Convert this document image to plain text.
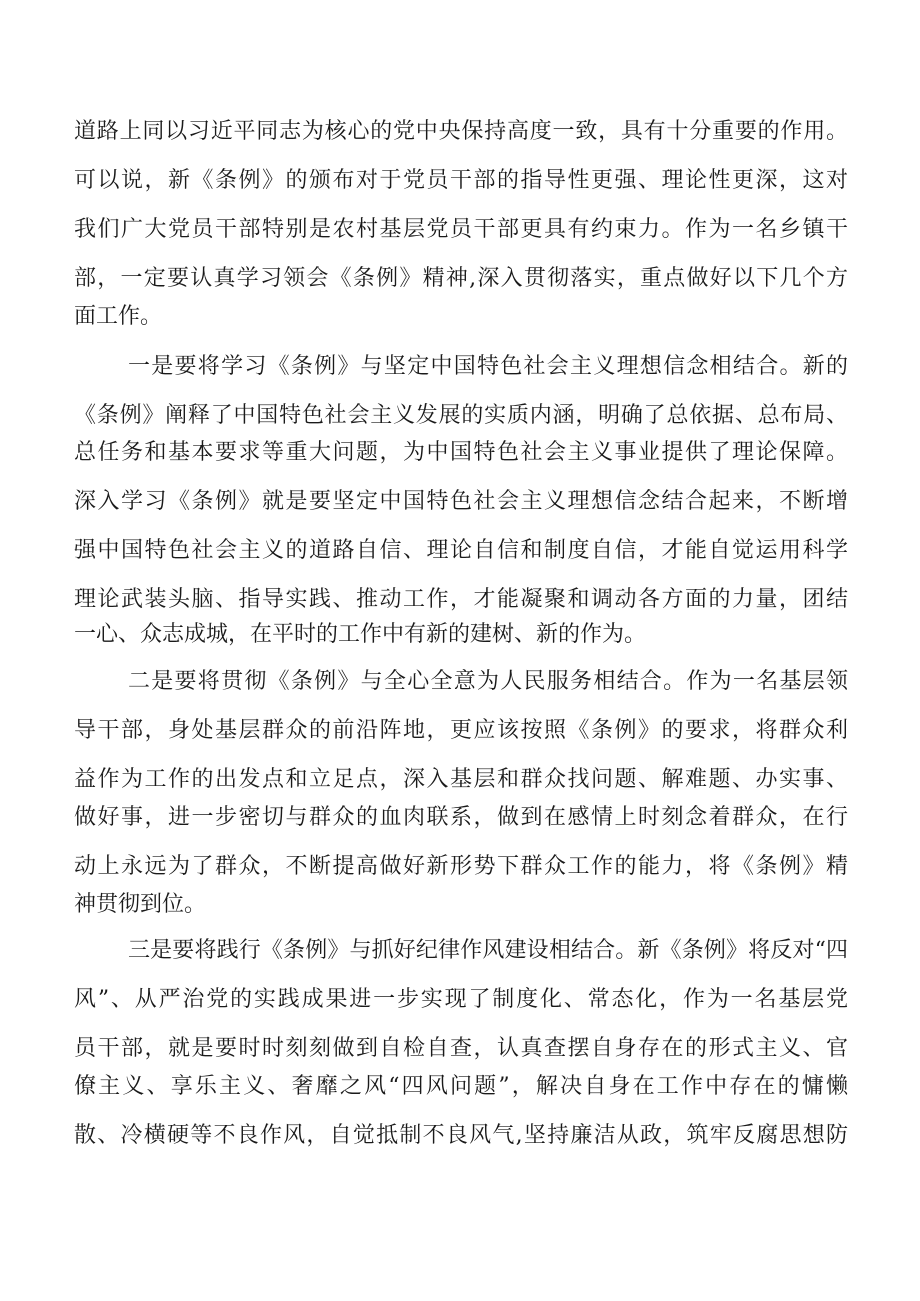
道路上同以习近平同志为核心的党中央保持高度一致，具有十分重要的作用。
可以说，新《条例》的颁布对于党员干部的指导性更强、理论性更深，这对
我们广大党员干部特别是农村基层党员干部更具有约束力。作为一名乡镇干
部，一定要认真学习领会《条例》精神,深入贯彻落实，重点做好以下几个方
面工作。
一是要将学习《条例》与坚定中国特色社会主义理想信念相结合。新的
《条例》阐释了中国特色社会主义发展的实质内涵，明确了总依据、总布局、
总任务和基本要求等重大问题，为中国特色社会主义事业提供了理论保障。
深入学习《条例》就是要坚定中国特色社会主义理想信念结合起来，不断增
强中国特色社会主义的道路自信、理论自信和制度自信，才能自觉运用科学
理论武装头脑、指导实践、推动工作，才能凝聚和调动各方面的力量，团结
一心、众志成城，在平时的工作中有新的建树、新的作为。
二是要将贯彻《条例》与全心全意为人民服务相结合。作为一名基层领
导干部，身处基层群众的前沿阵地，更应该按照《条例》的要求，将群众利
益作为工作的出发点和立足点，深入基层和群众找问题、解难题、办实事、
做好事，进一步密切与群众的血肉联系，做到在感情上时刻念着群众，在行
动上永远为了群众，不断提高做好新形势下群众工作的能力，将《条例》精
神贯彻到位。
三是要将践行《条例》与抓好纪律作风建设相结合。新《条例》将反对“四
风”、从严治党的实践成果进一步实现了制度化、常态化，作为一名基层党
员干部，就是要时时刻刻做到自检自查，认真查摆自身存在的形式主义、官
僚主义、享乐主义、奢靡之风“四风问题”，解决自身在工作中存在的慵懒
散、冷横硬等不良作风，自觉抵制不良风气,坚持廉洁从政，筑牢反腐思想防
